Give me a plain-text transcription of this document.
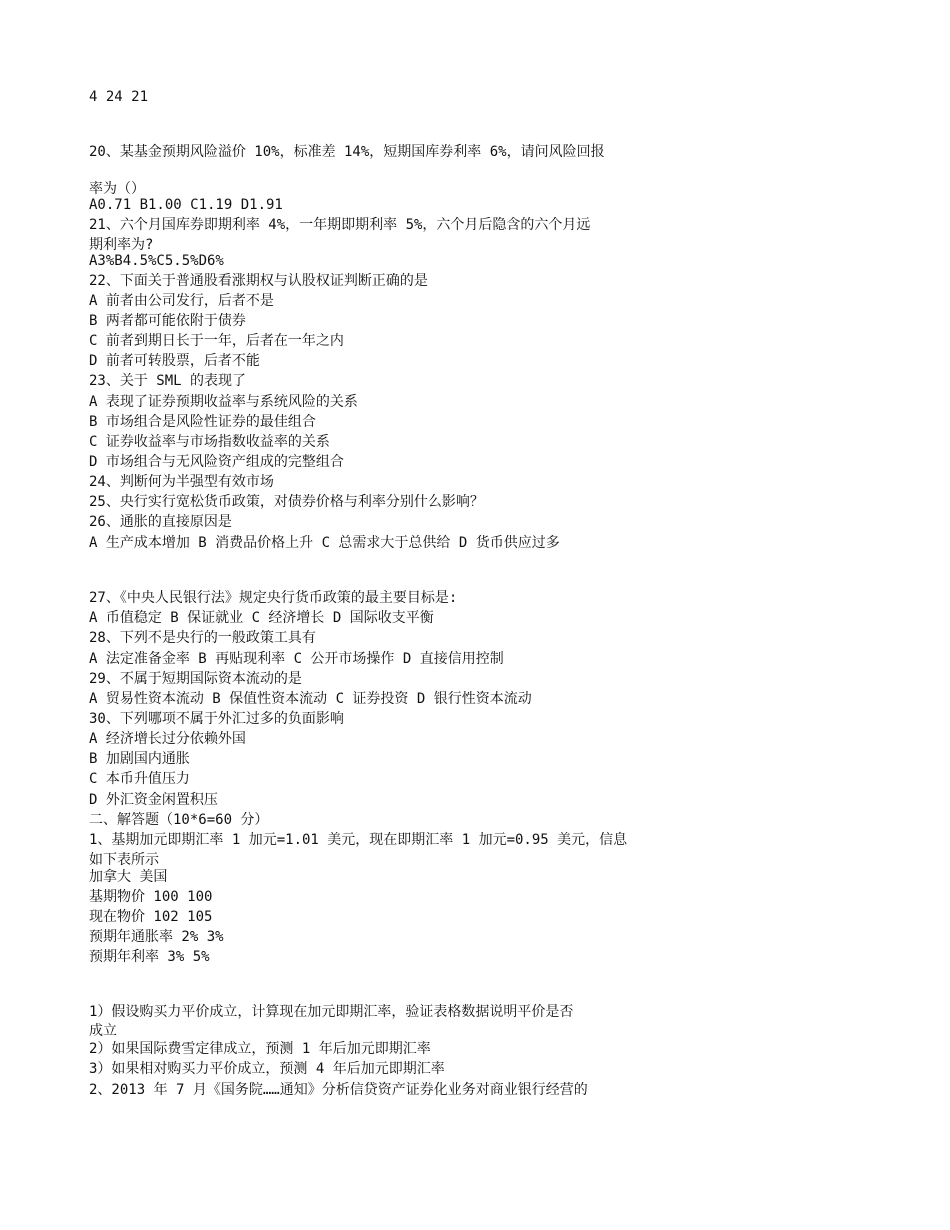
4 24 21
20、某基金预期风险溢价 10%，标准差 14%，短期国库券利率 6%，请问风险回报
率为（）
A0.71 B1.00 C1.19 D1.91
21、六个月国库券即期利率 4%，一年期即期利率 5%，六个月后隐含的六个月远
期利率为?
A3%B4.5%C5.5%D6%
22、下面关于普通股看涨期权与认股权证判断正确的是
A 前者由公司发行，后者不是
B 两者都可能依附于债券
C 前者到期日长于一年，后者在一年之内
D 前者可转股票，后者不能
23、关于 SML 的表现了
A 表现了证券预期收益率与系统风险的关系
B 市场组合是风险性证券的最佳组合
C 证券收益率与市场指数收益率的关系
D 市场组合与无风险资产组成的完整组合
24、判断何为半强型有效市场
25、央行实行宽松货币政策，对债券价格与利率分别什么影响？
26、通胀的直接原因是
A 生产成本增加 B 消费品价格上升 C 总需求大于总供给 D 货币供应过多
27、《中央人民银行法》规定央行货币政策的最主要目标是:
A 币值稳定 B 保证就业 C 经济增长 D 国际收支平衡
28、下列不是央行的一般政策工具有
A 法定准备金率 B 再贴现利率 C 公开市场操作 D 直接信用控制
29、不属于短期国际资本流动的是
A 贸易性资本流动 B 保值性资本流动 C 证券投资 D 银行性资本流动
30、下列哪项不属于外汇过多的负面影响
A 经济增长过分依赖外国
B 加剧国内通胀
C 本币升值压力
D 外汇资金闲置积压
二、解答题（10*6=60 分）
1、基期加元即期汇率 1 加元=1.01 美元，现在即期汇率 1 加元=0.95 美元，信息
如下表所示
加拿大 美国
基期物价 100 100
现在物价 102 105
预期年通胀率 2% 3%
预期年利率 3% 5%
1）假设购买力平价成立，计算现在加元即期汇率，验证表格数据说明平价是否
成立
2）如果国际费雪定律成立，预测 1 年后加元即期汇率
3）如果相对购买力平价成立，预测 4 年后加元即期汇率
2、2013 年 7 月《国务院……通知》分析信贷资产证券化业务对商业银行经营的
